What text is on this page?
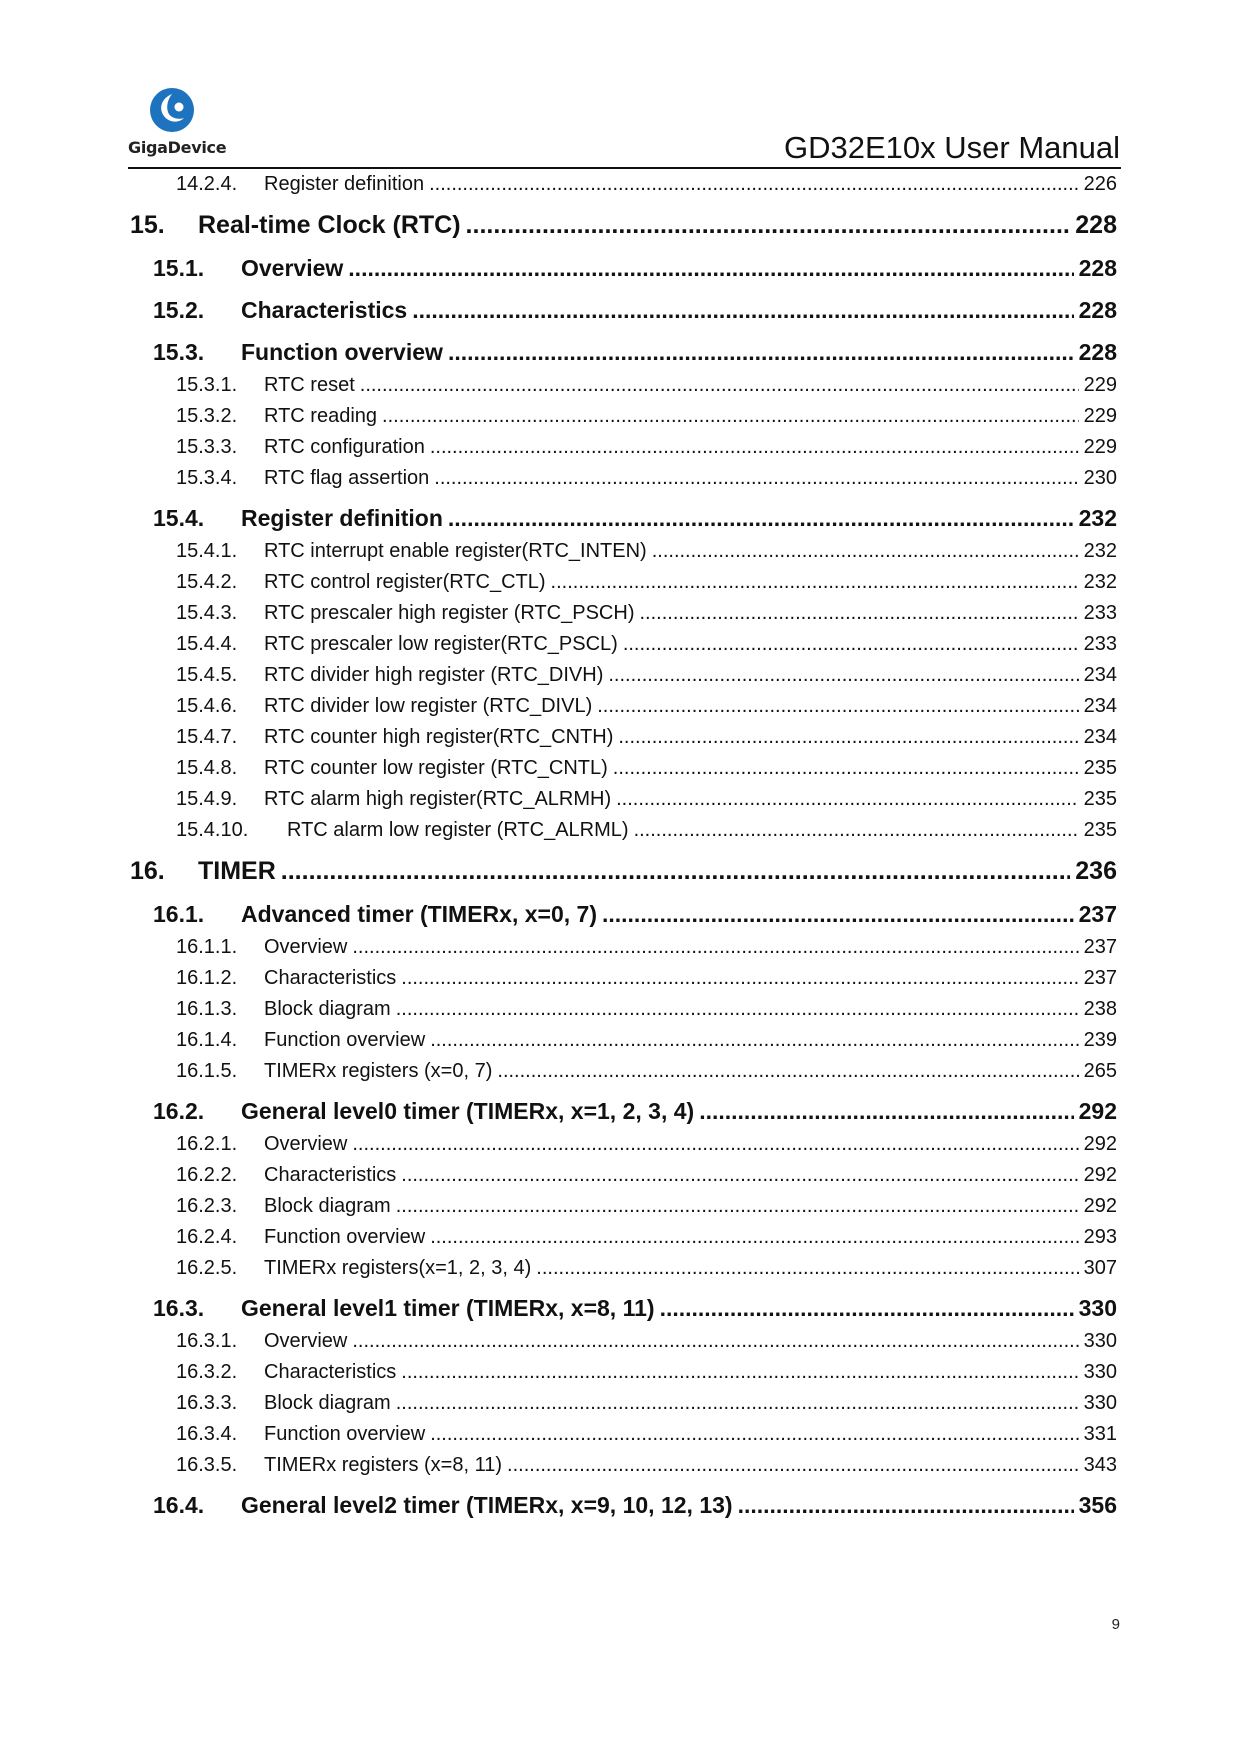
GigaDevice	GD32E10x User Manual
14.2.4.	Register definition .....	226
15.	Real-time Clock (RTC) .....	228
15.1.	Overview .....	228
15.2.	Characteristics .....	228
15.3.	Function overview .....	228
15.3.1.	RTC reset .....	229
15.3.2.	RTC reading .....	229
15.3.3.	RTC configuration .....	229
15.3.4.	RTC flag assertion .....	230
15.4.	Register definition .....	232
15.4.1.	RTC interrupt enable register(RTC_INTEN) .....	232
15.4.2.	RTC control register(RTC_CTL) .....	232
15.4.3.	RTC prescaler high register (RTC_PSCH) .....	233
15.4.4.	RTC prescaler low register(RTC_PSCL) .....	233
15.4.5.	RTC divider high register (RTC_DIVH) .....	234
15.4.6.	RTC divider low register (RTC_DIVL) .....	234
15.4.7.	RTC counter high register(RTC_CNTH) .....	234
15.4.8.	RTC counter low register (RTC_CNTL) .....	235
15.4.9.	RTC alarm high register(RTC_ALRMH) .....	235
15.4.10.	RTC alarm low register (RTC_ALRML) .....	235
16.	TIMER .....	236
16.1.	Advanced timer (TIMERx, x=0, 7) .....	237
16.1.1.	Overview .....	237
16.1.2.	Characteristics .....	237
16.1.3.	Block diagram .....	238
16.1.4.	Function overview .....	239
16.1.5.	TIMERx registers (x=0, 7) .....	265
16.2.	General level0 timer (TIMERx, x=1, 2, 3, 4) .....	292
16.2.1.	Overview .....	292
16.2.2.	Characteristics .....	292
16.2.3.	Block diagram .....	292
16.2.4.	Function overview .....	293
16.2.5.	TIMERx registers(x=1, 2, 3, 4) .....	307
16.3.	General level1 timer (TIMERx, x=8, 11) .....	330
16.3.1.	Overview .....	330
16.3.2.	Characteristics .....	330
16.3.3.	Block diagram .....	330
16.3.4.	Function overview .....	331
16.3.5.	TIMERx registers (x=8, 11) .....	343
16.4.	General level2 timer (TIMERx, x=9, 10, 12, 13) .....	356
9
